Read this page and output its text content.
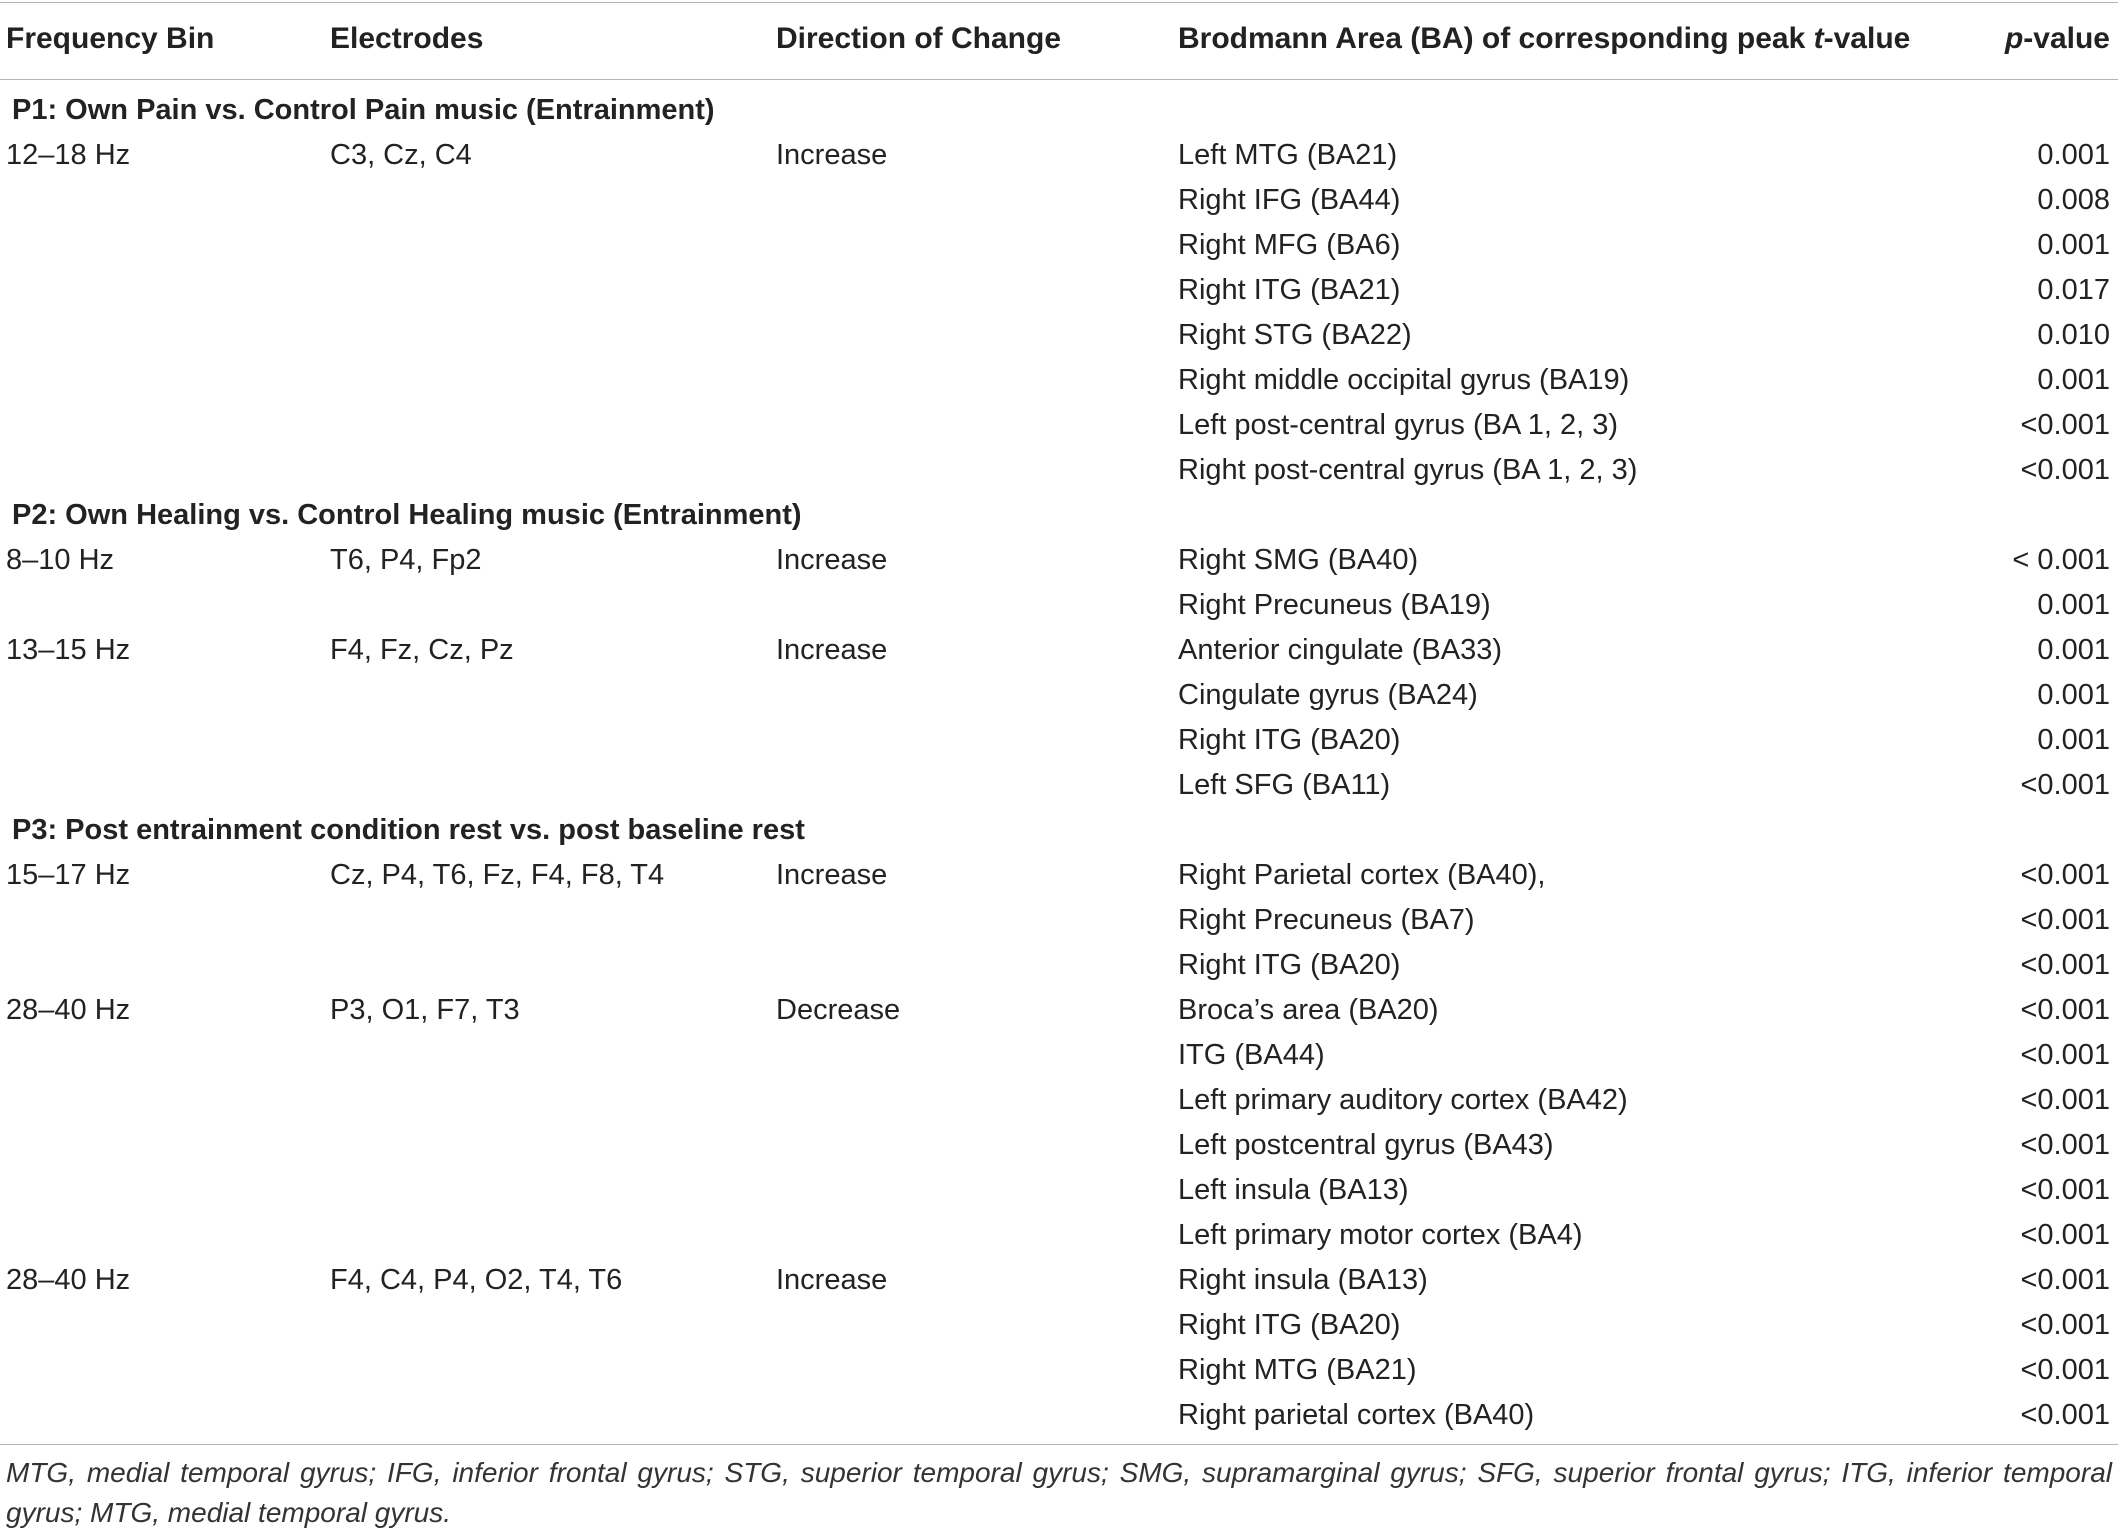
Frequency Bin	Electrodes	Direction of Change	Brodmann Area (BA) of corresponding peak t-value	p-value
P1: Own Pain vs. Control Pain music (Entrainment)
12–18 Hz	C3, Cz, C4	Increase	Left MTG (BA21)	0.001
Right IFG (BA44)	0.008
Right MFG (BA6)	0.001
Right ITG (BA21)	0.017
Right STG (BA22)	0.010
Right middle occipital gyrus (BA19)	0.001
Left post-central gyrus (BA 1, 2, 3)	<0.001
Right post-central gyrus (BA 1, 2, 3)	<0.001
P2: Own Healing vs. Control Healing music (Entrainment)
8–10 Hz	T6, P4, Fp2	Increase	Right SMG (BA40)	< 0.001
Right Precuneus (BA19)	0.001
13–15 Hz	F4, Fz, Cz, Pz	Increase	Anterior cingulate (BA33)	0.001
Cingulate gyrus (BA24)	0.001
Right ITG (BA20)	0.001
Left SFG (BA11)	<0.001
P3: Post entrainment condition rest vs. post baseline rest
15–17 Hz	Cz, P4, T6, Fz, F4, F8, T4	Increase	Right Parietal cortex (BA40),	<0.001
Right Precuneus (BA7)	<0.001
Right ITG (BA20)	<0.001
28–40 Hz	P3, O1, F7, T3	Decrease	Broca’s area (BA20)	<0.001
ITG (BA44)	<0.001
Left primary auditory cortex (BA42)	<0.001
Left postcentral gyrus (BA43)	<0.001
Left insula (BA13)	<0.001
Left primary motor cortex (BA4)	<0.001
28–40 Hz	F4, C4, P4, O2, T4, T6	Increase	Right insula (BA13)	<0.001
Right ITG (BA20)	<0.001
Right MTG (BA21)	<0.001
Right parietal cortex (BA40)	<0.001
MTG, medial temporal gyrus; IFG, inferior frontal gyrus; STG, superior temporal gyrus; SMG, supramarginal gyrus; SFG, superior frontal gyrus; ITG, inferior temporal gyrus; MTG, medial temporal gyrus.
